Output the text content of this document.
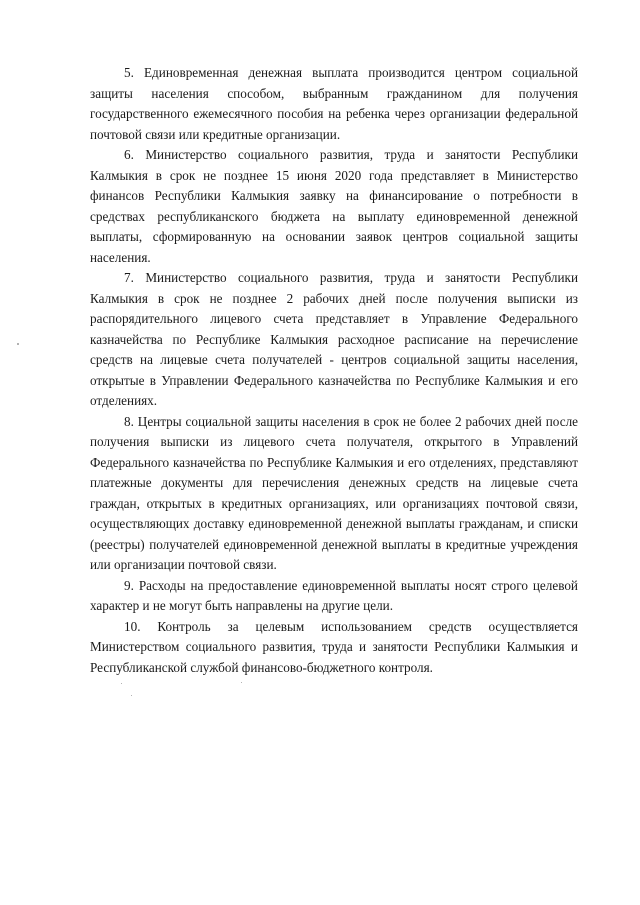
5. Единовременная денежная выплата производится центром социальной защиты населения способом, выбранным гражданином для получения государственного ежемесячного пособия на ребенка через организации федеральной почтовой связи или кредитные организации.

6. Министерство социального развития, труда и занятости Республики Калмыкия в срок не позднее 15 июня 2020 года представляет в Министерство финансов Республики Калмыкия заявку на финансирование о потребности в средствах республиканского бюджета на выплату единовременной денежной выплаты, сформированную на основании заявок центров социальной защиты населения.

7. Министерство социального развития, труда и занятости Республики Калмыкия в срок не позднее 2 рабочих дней после получения выписки из распорядительного лицевого счета представляет в Управление Федерального казначейства по Республике Калмыкия расходное расписание на перечисление средств на лицевые счета получателей - центров социальной защиты населения, открытые в Управлении Федерального казначейства по Республике Калмыкия и его отделениях.

8. Центры социальной защиты населения в срок не более 2 рабочих дней после получения выписки из лицевого счета получателя, открытого в Управлений Федерального казначейства по Республике Калмыкия и его отделениях, представляют платежные документы для перечисления денежных средств на лицевые счета граждан, открытых в кредитных организациях, или организациях почтовой связи, осуществляющих доставку единовременной денежной выплаты гражданам, и списки (реестры) получателей единовременной денежной выплаты в кредитные учреждения или организации почтовой связи.

9. Расходы на предоставление единовременной выплаты носят строго целевой характер и не могут быть направлены на другие цели.

10. Контроль за целевым использованием средств осуществляется Министерством социального развития, труда и занятости Республики Калмыкия и Республиканской службой финансово-бюджетного контроля.
